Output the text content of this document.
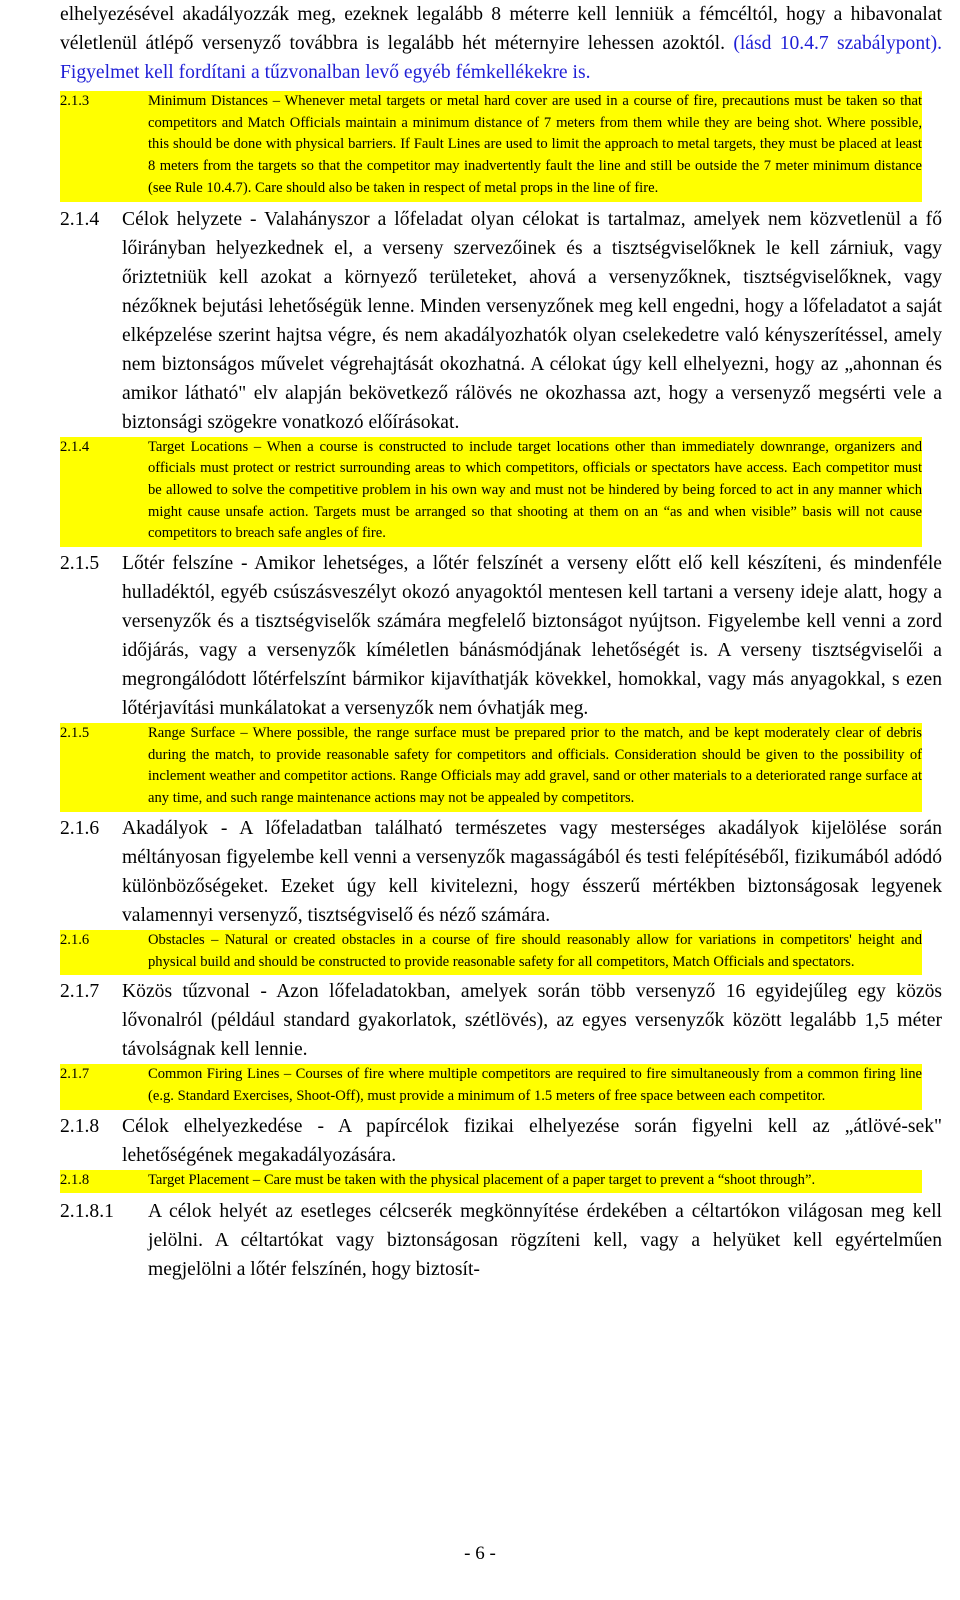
elhelyezésével akadályozzák meg, ezeknek legalább 8 méterre kell lenniük a fémcéltól, hogy a hibavonalat véletlenül átlépő versenyző továbbra is legalább hét méternyire lehessen azoktól. (lásd 10.4.7 szabálypont). Figyelmet kell fordítani a tűzvonalban levő egyéb fémkellékekre is.
2.1.3	Minimum Distances – Whenever metal targets or metal hard cover are used in a course of fire, precautions must be taken so that competitors and Match Officials maintain a minimum distance of 7 meters from them while they are being shot. Where possible, this should be done with physical barriers. If Fault Lines are used to limit the approach to metal targets, they must be placed at least 8 meters from the targets so that the competitor may inadvertently fault the line and still be outside the 7 meter minimum distance (see Rule 10.4.7). Care should also be taken in respect of metal props in the line of fire.
2.1.4	Célok helyzete - Valahányszor a lőfeladat olyan célokat is tartalmaz, amelyek nem közvetlenül a fő lőirányban helyezkednek el, a verseny szervezőinek és a tisztségviselőknek le kell zárniuk, vagy őriztetniük kell azokat a környező területeket, ahová a versenyzőknek, tisztségviselőknek, vagy nézőknek bejutási lehetőségük lenne. Minden versenyzőnek meg kell engedni, hogy a lőfeladatot a saját elképzelése szerint hajtsa végre, és nem akadályozhatók olyan cselekedetre való kényszerítéssel, amely nem biztonságos művelet végrehajtását okozhatná. A célokat úgy kell elhelyezni, hogy az „ahonnan és amikor látható" elv alapján bekövetkező rálövés ne okozhassa azt, hogy a versenyző megsérti vele a biztonsági szögekre vonatkozó előírásokat.
2.1.4	Target Locations – When a course is constructed to include target locations other than immediately downrange, organizers and officials must protect or restrict surrounding areas to which competitors, officials or spectators have access. Each competitor must be allowed to solve the competitive problem in his own way and must not be hindered by being forced to act in any manner which might cause unsafe action. Targets must be arranged so that shooting at them on an “as and when visible” basis will not cause competitors to breach safe angles of fire.
2.1.5	Lőtér felszíne - Amikor lehetséges, a lőtér felszínét a verseny előtt elő kell készíteni, és mindenféle hulladéktól, egyéb csúszásveszélyt okozó anyagoktól mentesen kell tartani a verseny ideje alatt, hogy a versenyzők és a tisztségviselők számára megfelelő biztonságot nyújtson. Figyelembe kell venni a zord időjárás, vagy a versenyzők kíméletlen bánásmódjának lehetőségét is. A verseny tisztségviselői a megrongálódott lőtérfelszínt bármikor kijavíthatják kövekkel, homokkal, vagy más anyagokkal, s ezen lőtérjavítási munkálatokat a versenyzők nem óvhatják meg.
2.1.5	Range Surface – Where possible, the range surface must be prepared prior to the match, and be kept moderately clear of debris during the match, to provide reasonable safety for competitors and officials. Consideration should be given to the possibility of inclement weather and competitor actions. Range Officials may add gravel, sand or other materials to a deteriorated range surface at any time, and such range maintenance actions may not be appealed by competitors.
2.1.6	Akadályok - A lőfeladatban található természetes vagy mesterséges akadályok kijelölése során méltányosan figyelembe kell venni a versenyzők magasságából és testi felépítéséből, fizikumából adódó különbözőségeket. Ezeket úgy kell kivitelezni, hogy ésszerű mértékben biztonságosak legyenek valamennyi versenyző, tisztségviselő és néző számára.
2.1.6	Obstacles – Natural or created obstacles in a course of fire should reasonably allow for variations in competitors' height and physical build and should be constructed to provide reasonable safety for all competitors, Match Officials and spectators.
2.1.7	Közös tűzvonal - Azon lőfeladatokban, amelyek során több versenyző 16 egyidejűleg egy közös lővonalról (például standard gyakorlatok, szétlövés), az egyes versenyzők között legalább 1,5 méter távolságnak kell lennie.
2.1.7	Common Firing Lines – Courses of fire where multiple competitors are required to fire simultaneously from a common firing line (e.g. Standard Exercises, Shoot-Off), must provide a minimum of 1.5 meters of free space between each competitor.
2.1.8	Célok elhelyezkedése - A papírcélok fizikai elhelyezése során figyelni kell az „átlövé-sek" lehetőségének megakadályozására.
2.1.8	Target Placement – Care must be taken with the physical placement of a paper target to prevent a “shoot through”.
2.1.8.1	A célok helyét az esetleges célcserék megkönnyítése érdekében a céltartókon világosan meg kell jelölni. A céltartókat vagy biztonságosan rögzíteni kell, vagy a helyüket kell egyértelműen megjelölni a lőtér felszínén, hogy biztosít-
- 6 -
